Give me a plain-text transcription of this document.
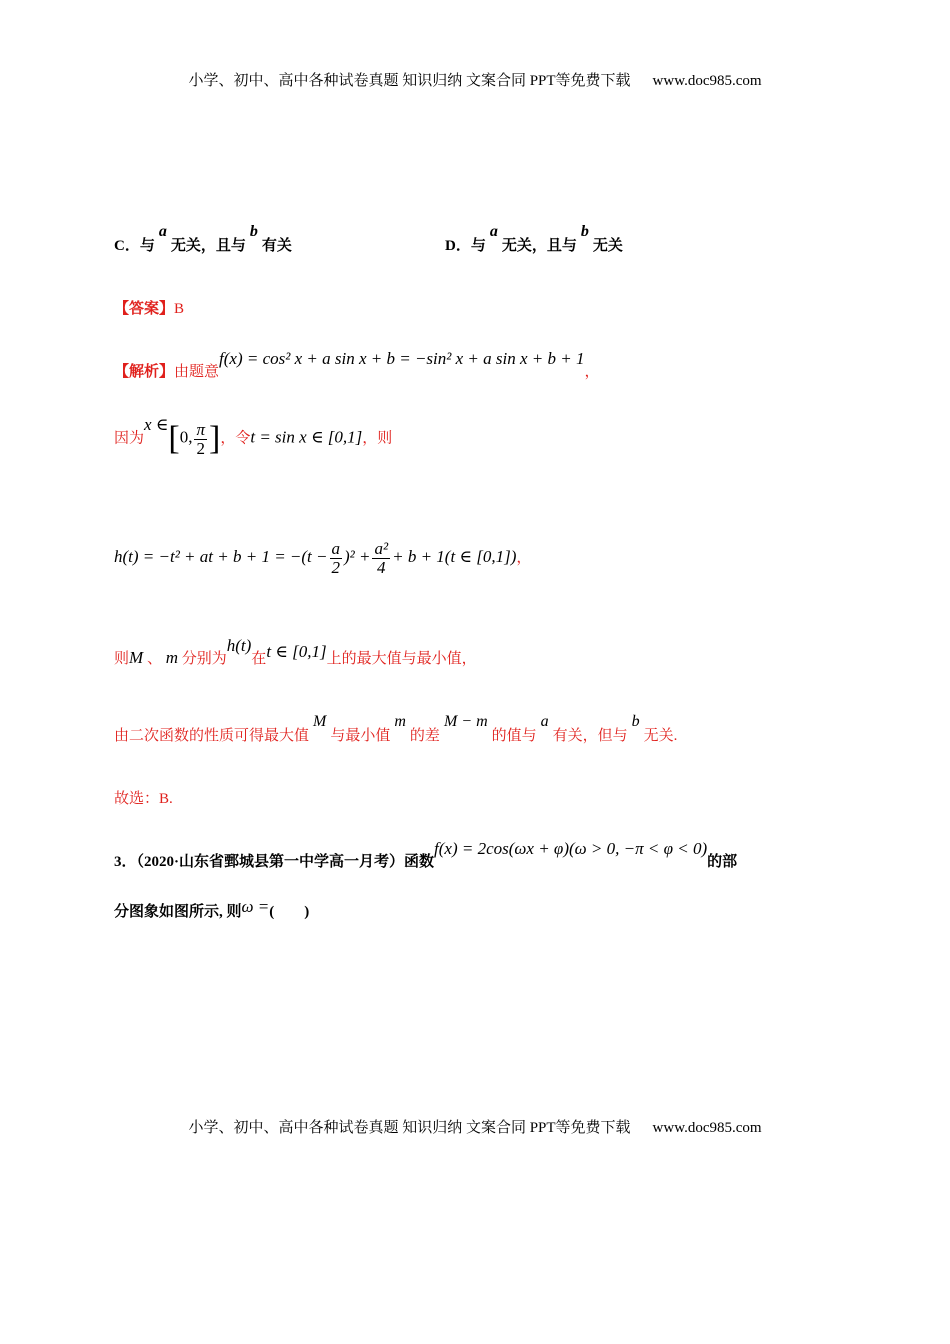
小学、初中、高中各种试卷真题 知识归纳 文案合同 PPT等免费下载 www.doc985.com
C．与a无关，且与b有关	D．与a无关，且与b无关
【答案】B
【解析】由题意f(x) = cos² x + a sin x + b = −sin² x + a sin x + b + 1，
因为x ∈[0, $\frac{\pi}{2}$ ]，令t = sin x ∈ [0,1]，则
h(t) = −t² + at + $b + 1 = -(t - \frac{a}{2} )^2 + \frac{\text{a²}}{4} + b + 1(t$ ∈ [0,1])，
则M 、 m 分别为h(t)在t ∈ [0,1]上的最大值与最小值，
由二次函数的性质可得最大值M与最小值m的差M − m的值与a有关，但与b无关.
故选：B.
3．（2020·山东省鄄城县第一中学高一月考）函数f(x) = 2cos(ωx + φ)(ω > 0, −π < φ < 0)的部
分图象如图所示, 则ω =(　　)
小学、初中、高中各种试卷真题 知识归纳 文案合同 PPT等免费下载 www.doc985.com
